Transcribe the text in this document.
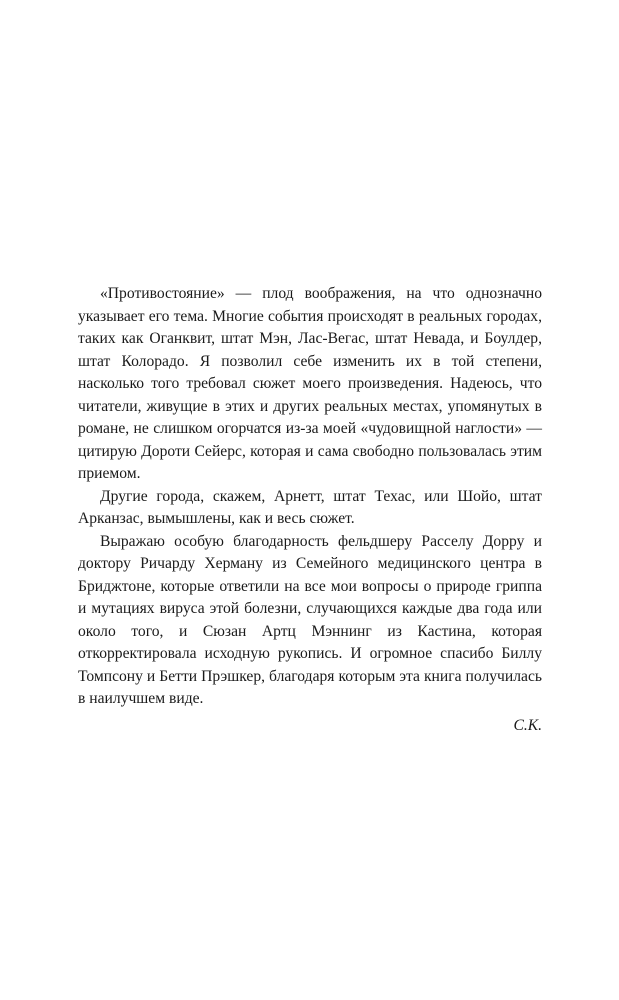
«Противостояние» — плод воображения, на что однозначно указывает его тема. Многие события происходят в реальных городах, таких как Оганквит, штат Мэн, Лас-Вегас, штат Невада, и Боулдер, штат Колорадо. Я позволил себе изменить их в той степени, насколько того требовал сюжет моего произведения. Надеюсь, что читатели, живущие в этих и других реальных местах, упомянутых в романе, не слишком огорчатся из-за моей «чудовищной наглости» — цитирую Дороти Сейерс, которая и сама свободно пользовалась этим приемом.

Другие города, скажем, Арнетт, штат Техас, или Шойо, штат Арканзас, вымышлены, как и весь сюжет.

Выражаю особую благодарность фельдшеру Расселу Дорру и доктору Ричарду Херману из Семейного медицинского центра в Бриджтоне, которые ответили на все мои вопросы о природе гриппа и мутациях вируса этой болезни, случающихся каждые два года или около того, и Сюзан Артц Мэннинг из Кастина, которая откорректировала исходную рукопись. И огромное спасибо Биллу Томпсону и Бетти Прэшкер, благодаря которым эта книга получилась в наилучшем виде.

С.К.
